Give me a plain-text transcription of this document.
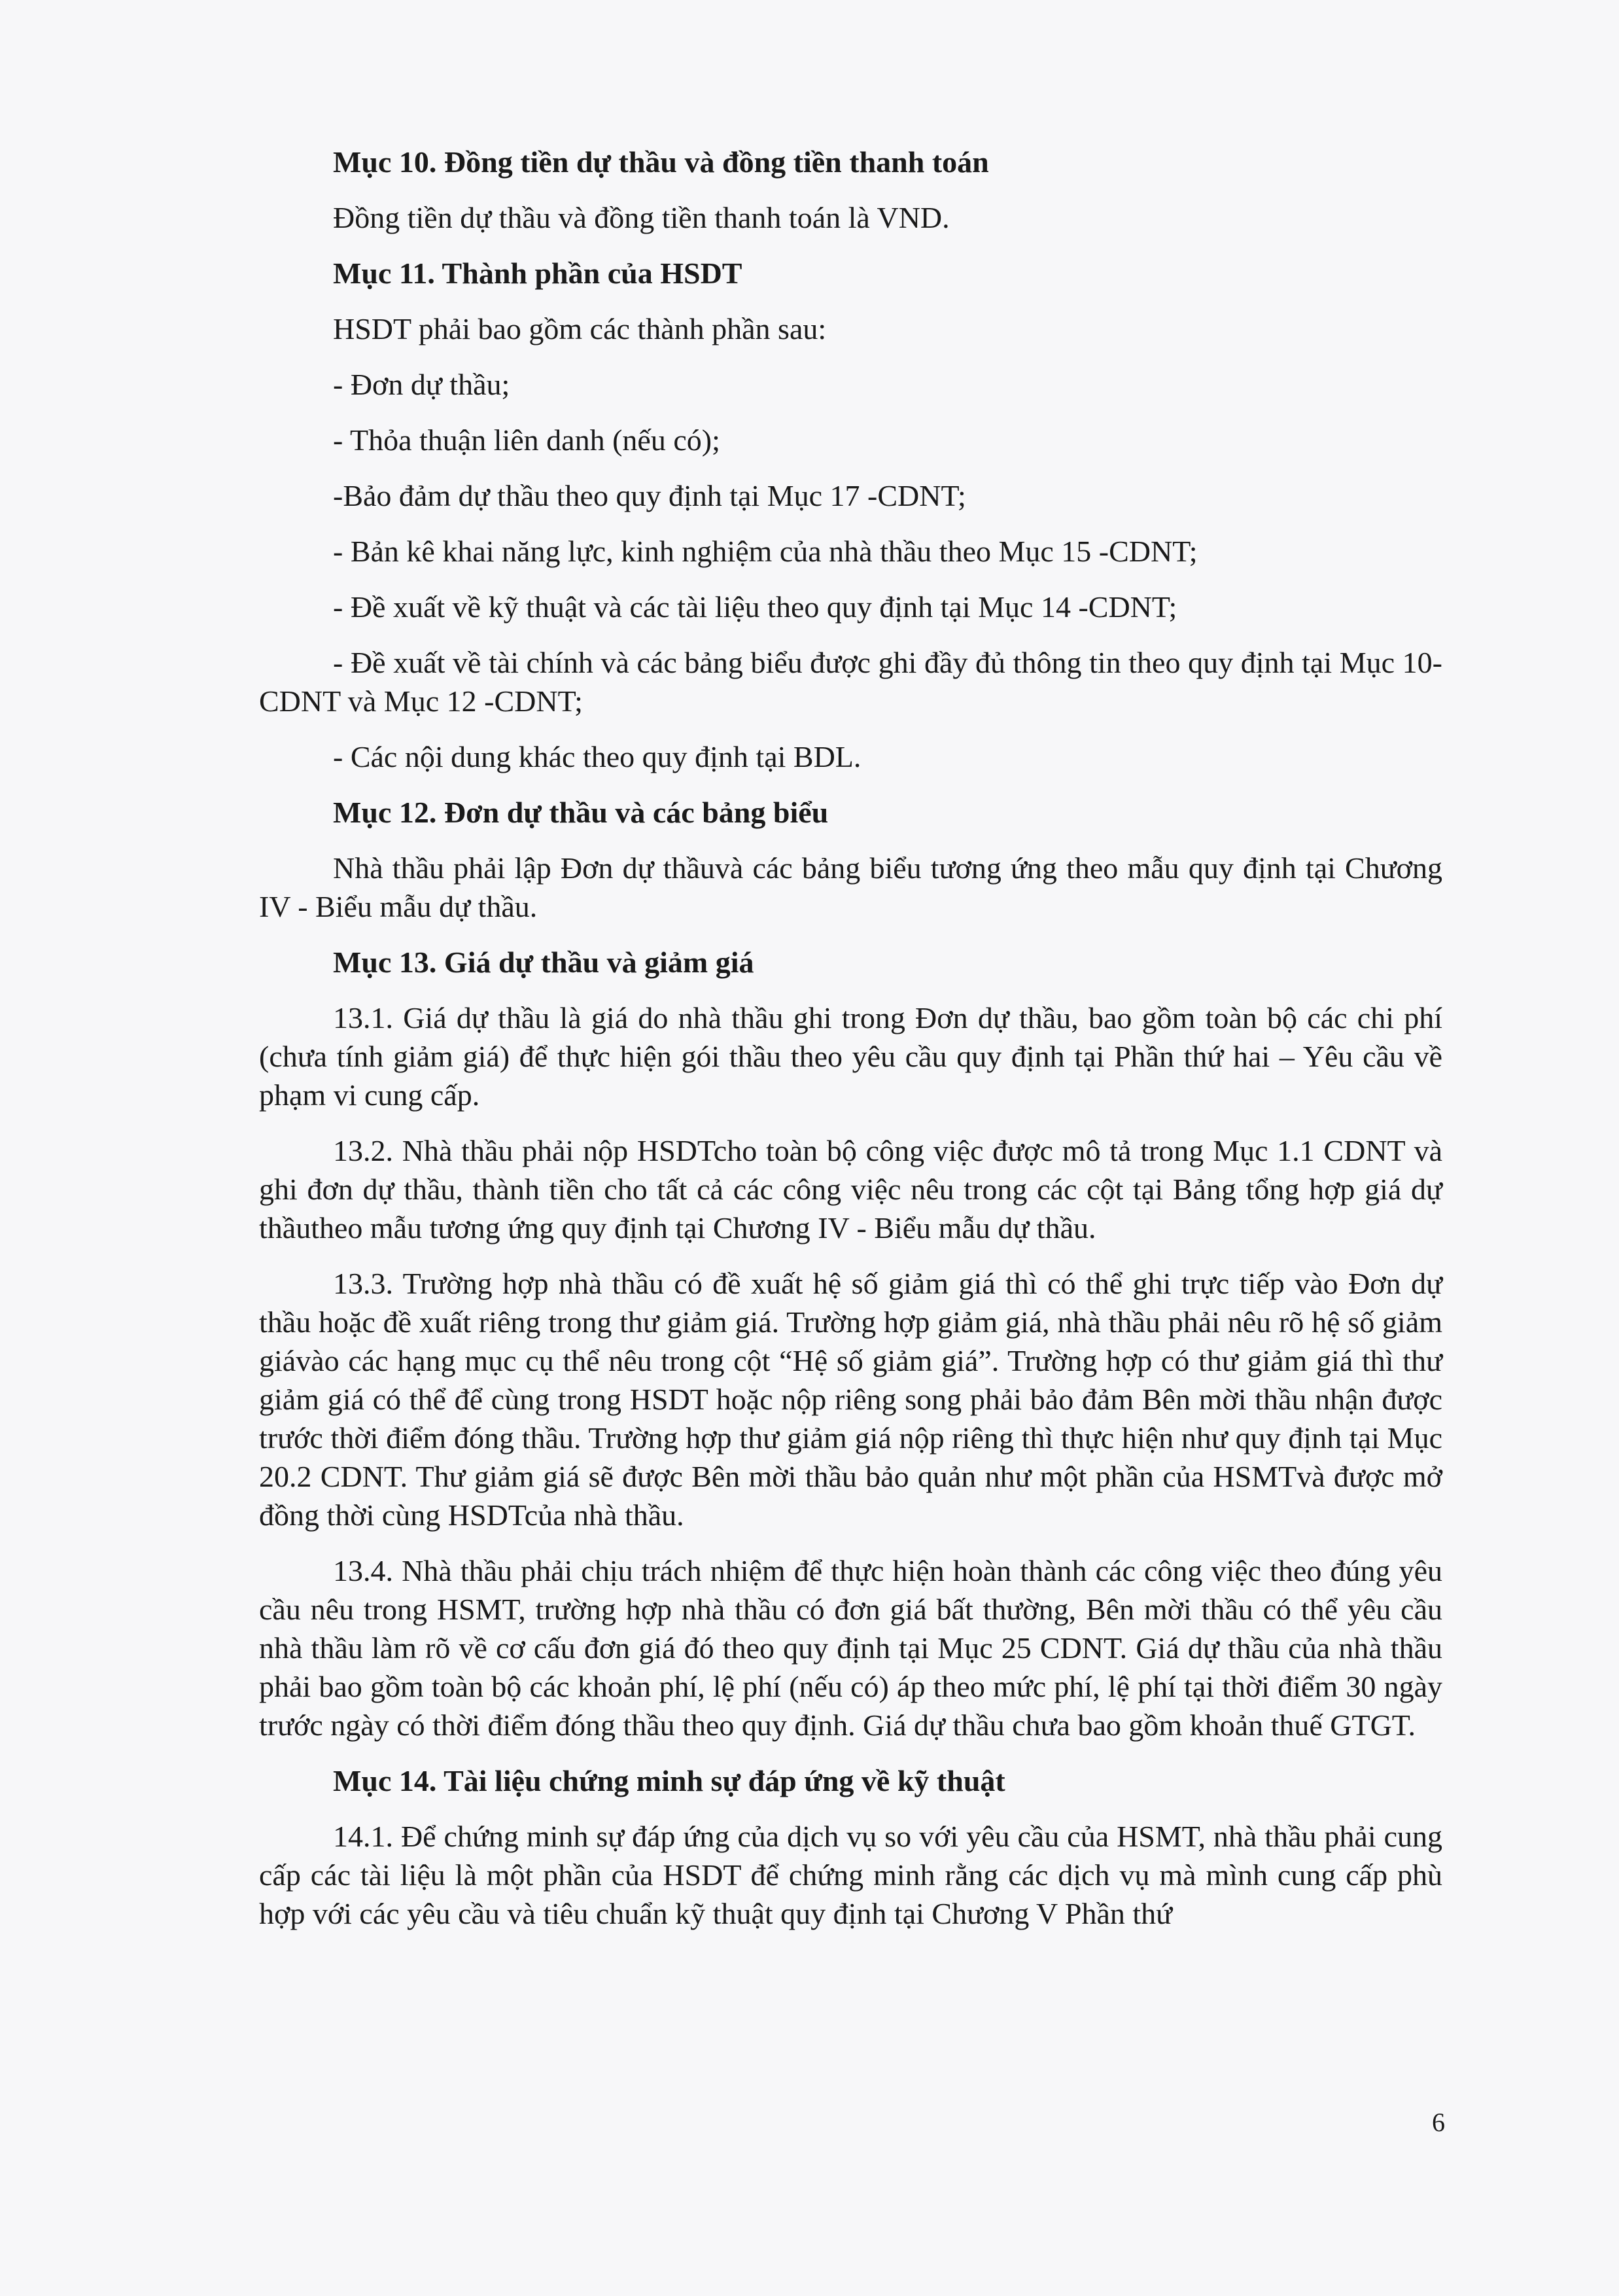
Mục 10. Đồng tiền dự thầu và đồng tiền thanh toán

Đồng tiền dự thầu và đồng tiền thanh toán là VND.

Mục 11. Thành phần của HSDT

HSDT phải bao gồm các thành phần sau:

- Đơn dự thầu;

- Thỏa thuận liên danh (nếu có);

-Bảo đảm dự thầu theo quy định tại Mục 17 -CDNT;

- Bản kê khai năng lực, kinh nghiệm của nhà thầu theo Mục 15 -CDNT;

- Đề xuất về kỹ thuật và các tài liệu theo quy định tại Mục 14 -CDNT;

- Đề xuất về tài chính và các bảng biểu được ghi đầy đủ thông tin theo quy định tại Mục 10-CDNT và Mục 12 -CDNT;

- Các nội dung khác theo quy định tại BDL.

Mục 12. Đơn dự thầu và các bảng biểu

Nhà thầu phải lập Đơn dự thầuvà các bảng biểu tương ứng theo mẫu quy định tại Chương IV - Biểu mẫu dự thầu.

Mục 13. Giá dự thầu và giảm giá

13.1. Giá dự thầu là giá do nhà thầu ghi trong Đơn dự thầu, bao gồm toàn bộ các chi phí (chưa tính giảm giá) để thực hiện gói thầu theo yêu cầu quy định tại Phần thứ hai – Yêu cầu về phạm vi cung cấp.

13.2. Nhà thầu phải nộp HSDTcho toàn bộ công việc được mô tả trong Mục 1.1 CDNT và ghi đơn dự thầu, thành tiền cho tất cả các công việc nêu trong các cột tại Bảng tổng hợp giá dự thầutheo mẫu tương ứng quy định tại Chương IV - Biểu mẫu dự thầu.

13.3. Trường hợp nhà thầu có đề xuất hệ số giảm giá thì có thể ghi trực tiếp vào Đơn dự thầu hoặc đề xuất riêng trong thư giảm giá. Trường hợp giảm giá, nhà thầu phải nêu rõ hệ số giảm giávào các hạng mục cụ thể nêu trong cột “Hệ số giảm giá”. Trường hợp có thư giảm giá thì thư giảm giá có thể để cùng trong HSDT hoặc nộp riêng song phải bảo đảm Bên mời thầu nhận được trước thời điểm đóng thầu. Trường hợp thư giảm giá nộp riêng thì thực hiện như quy định tại Mục 20.2 CDNT. Thư giảm giá sẽ được Bên mời thầu bảo quản như một phần của HSMTvà được mở đồng thời cùng HSDTcủa nhà thầu.

13.4. Nhà thầu phải chịu trách nhiệm để thực hiện hoàn thành các công việc theo đúng yêu cầu nêu trong HSMT, trường hợp nhà thầu có đơn giá bất thường, Bên mời thầu có thể yêu cầu nhà thầu làm rõ về cơ cấu đơn giá đó theo quy định tại Mục 25 CDNT. Giá dự thầu của nhà thầu phải bao gồm toàn bộ các khoản phí, lệ phí (nếu có) áp theo mức phí, lệ phí tại thời điểm 30 ngày trước ngày có thời điểm đóng thầu theo quy định. Giá dự thầu chưa bao gồm khoản thuế GTGT.

Mục 14. Tài liệu chứng minh sự đáp ứng về kỹ thuật

14.1. Để chứng minh sự đáp ứng của dịch vụ so với yêu cầu của HSMT, nhà thầu phải cung cấp các tài liệu là một phần của HSDT để chứng minh rằng các dịch vụ mà mình cung cấp phù hợp với các yêu cầu và tiêu chuẩn kỹ thuật quy định tại Chương V Phần thứ

6
